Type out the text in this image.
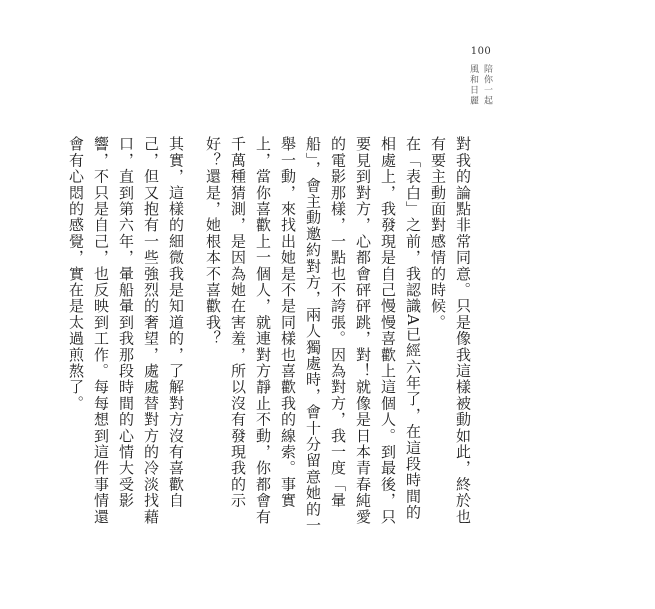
100
陪你一起
風和日麗

對我的論點非常同意。只是像我這樣被動如此，終於也有要主動面對感情的時候。

在「表白」之前，我認識A已經六年了，在這段時間的相處上，我發現是自己慢慢喜歡上這個人。到最後，只要見到對方，心都會砰砰跳，對！就像是日本青春純愛的電影那樣，一點也不誇張。因為對方，我一度「暈船」，會主動邀約對方，兩人獨處時，會十分留意她的一舉一動，來找出她是不是同樣也喜歡我的線索。事實上，當你喜歡上一個人，就連對方靜止不動，你都會有千萬種猜測，是因為她在害羞，所以沒有發現我的示好？還是，她根本不喜歡我？

其實，這樣的細微我是知道的，了解對方沒有喜歡自己，但又抱有一些強烈的奢望，處處替對方的冷淡找藉口，直到第六年，暈船暈到我那段時間的心情大受影響，不只是自己，也反映到工作。每每想到這件事情還會有心悶的感覺，實在是太過煎熬了。
